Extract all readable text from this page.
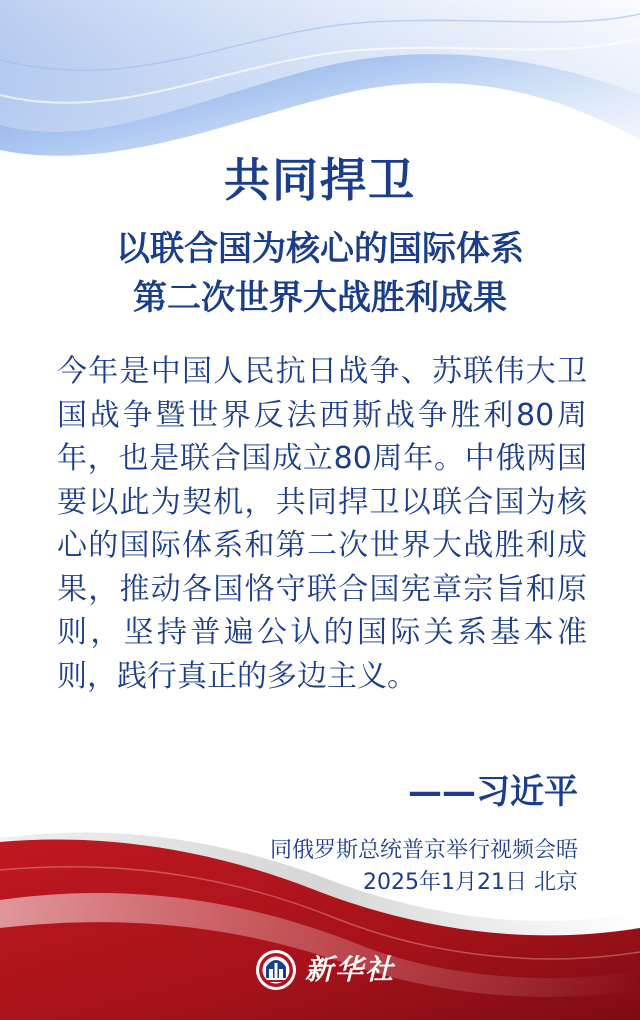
共同捍卫
以联合国为核心的国际体系
第二次世界大战胜利成果

今年是中国人民抗日战争、苏联伟大卫国战争暨世界反法西斯战争胜利80周年，也是联合国成立80周年。中俄两国要以此为契机，共同捍卫以联合国为核心的国际体系和第二次世界大战胜利成果，推动各国恪守联合国宪章宗旨和原则，坚持普遍公认的国际关系基本准则，践行真正的多边主义。

——习近平

同俄罗斯总统普京举行视频会晤

2025年1月21日 北京

新华社
